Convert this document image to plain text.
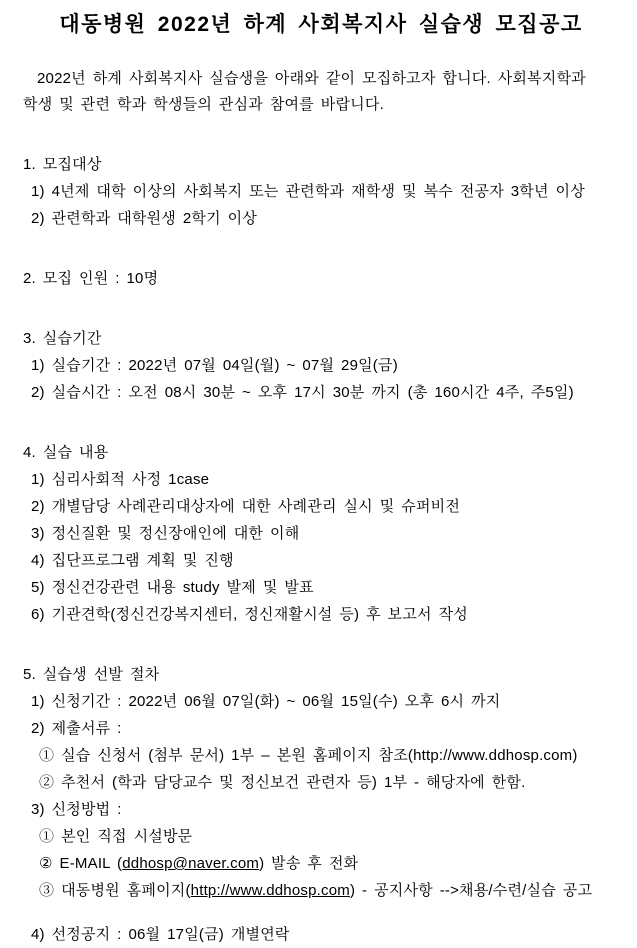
대동병원 2022년 하계 사회복지사 실습생 모집공고

2022년 하계 사회복지사 실습생을 아래와 같이 모집하고자 합니다. 사회복지학과 학생 및 관련 학과 학생들의 관심과 참여를 바랍니다.

1. 모집대상
1) 4년제 대학 이상의 사회복지 또는 관련학과 재학생 및 복수 전공자 3학년 이상
2) 관련학과 대학원생 2학기 이상
2. 모집 인원 : 10명
3. 실습기간
1) 실습기간 : 2022년 07월 04일(월) ~ 07월 29일(금)
2) 실습시간 : 오전 08시 30분 ~ 오후 17시 30분 까지 (총 160시간 4주, 주5일)
4. 실습 내용
1) 심리사회적 사정 1case
2) 개별담당 사례관리대상자에 대한 사례관리 실시 및 슈퍼비전
3) 정신질환 및 정신장애인에 대한 이해
4) 집단프로그램 계획 및 진행
5) 정신건강관련 내용 study 발제 및 발표
6) 기관견학(정신건강복지센터, 정신재활시설 등) 후 보고서 작성
5. 실습생 선발 절차
1) 신청기간 : 2022년 06월 07일(화) ~ 06월 15일(수) 오후 6시 까지
2) 제출서류 :
① 실습 신청서 (첨부 문서) 1부 – 본원 홈페이지 참조(http://www.ddhosp.com)
② 추천서 (학과 담당교수 및 정신보건 관련자 등) 1부 - 해당자에 한함.
3) 신청방법 :
① 본인 직접 시설방문
② E-MAIL (ddhosp@naver.com) 발송 후 전화
③ 대동병원 홈페이지(http://www.ddhosp.com) - 공지사항 -->채용/수련/실습 공고
4) 선정공지 : 06월 17일(금) 개별연락
